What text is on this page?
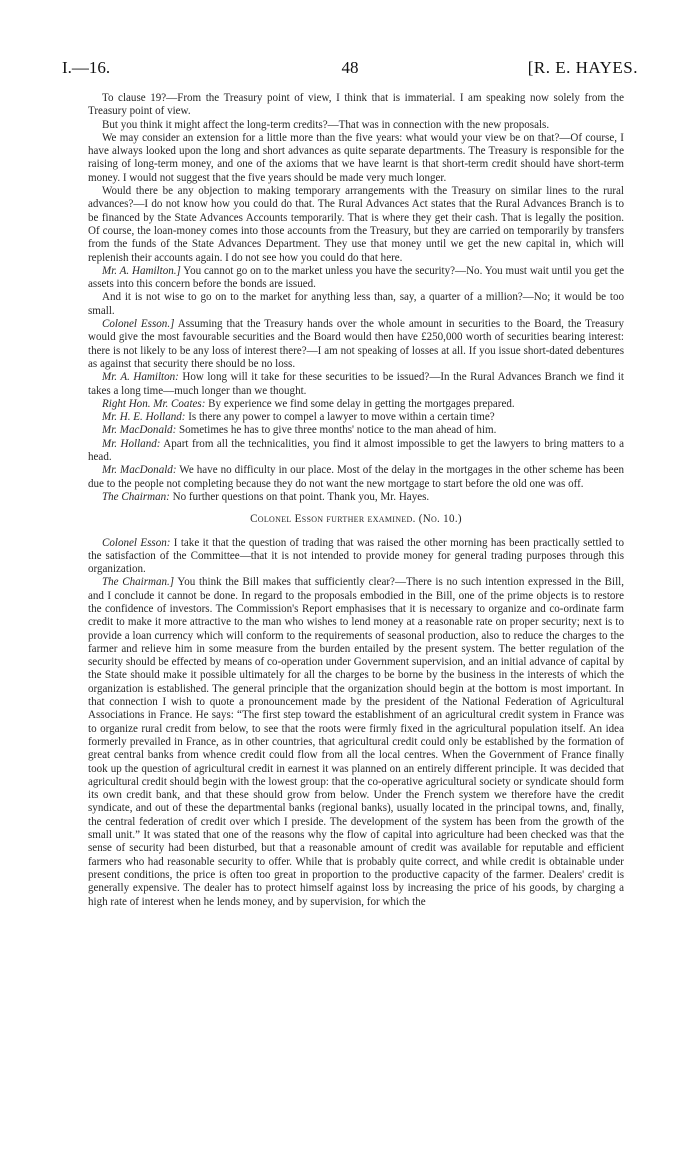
I.—16.	48	[R. E. HAYES.

To clause 19?—From the Treasury point of view, I think that is immaterial. I am speaking now solely from the Treasury point of view.

But you think it might affect the long-term credits?—That was in connection with the new proposals.

We may consider an extension for a little more than the five years: what would your view be on that?—Of course, I have always looked upon the long and short advances as quite separate departments. The Treasury is responsible for the raising of long-term money, and one of the axioms that we have learnt is that short-term credit should have short-term money. I would not suggest that the five years should be made very much longer.

Would there be any objection to making temporary arrangements with the Treasury on similar lines to the rural advances?—I do not know how you could do that. The Rural Advances Act states that the Rural Advances Branch is to be financed by the State Advances Accounts temporarily. That is where they get their cash. That is legally the position. Of course, the loan-money comes into those accounts from the Treasury, but they are carried on temporarily by transfers from the funds of the State Advances Department. They use that money until we get the new capital in, which will replenish their accounts again. I do not see how you could do that here.

Mr. A. Hamilton.] You cannot go on to the market unless you have the security?—No. You must wait until you get the assets into this concern before the bonds are issued.

And it is not wise to go on to the market for anything less than, say, a quarter of a million?—No; it would be too small.

Colonel Esson.] Assuming that the Treasury hands over the whole amount in securities to the Board, the Treasury would give the most favourable securities and the Board would then have £250,000 worth of securities bearing interest: there is not likely to be any loss of interest there?—I am not speaking of losses at all. If you issue short-dated debentures as against that security there should be no loss.

Mr. A. Hamilton: How long will it take for these securities to be issued?—In the Rural Advances Branch we find it takes a long time—much longer than we thought.

Right Hon. Mr. Coates: By experience we find some delay in getting the mortgages prepared.

Mr. H. E. Holland: Is there any power to compel a lawyer to move within a certain time?

Mr. MacDonald: Sometimes he has to give three months' notice to the man ahead of him.

Mr. Holland: Apart from all the technicalities, you find it almost impossible to get the lawyers to bring matters to a head.

Mr. MacDonald: We have no difficulty in our place. Most of the delay in the mortgages in the other scheme has been due to the people not completing because they do not want the new mortgage to start before the old one was off.

The Chairman: No further questions on that point. Thank you, Mr. Hayes.

Colonel Esson further examined. (No. 10.)

Colonel Esson: I take it that the question of trading that was raised the other morning has been practically settled to the satisfaction of the Committee—that it is not intended to provide money for general trading purposes through this organization.

The Chairman.] You think the Bill makes that sufficiently clear?—There is no such intention expressed in the Bill, and I conclude it cannot be done. In regard to the proposals embodied in the Bill, one of the prime objects is to restore the confidence of investors. The Commission's Report emphasises that it is necessary to organize and co-ordinate farm credit to make it more attractive to the man who wishes to lend money at a reasonable rate on proper security; next is to provide a loan currency which will conform to the requirements of seasonal production, also to reduce the charges to the farmer and relieve him in some measure from the burden entailed by the present system. The better regulation of the security should be effected by means of co-operation under Government supervision, and an initial advance of capital by the State should make it possible ultimately for all the charges to be borne by the business in the interests of which the organization is established. The general principle that the organization should begin at the bottom is most important. In that connection I wish to quote a pronouncement made by the president of the National Federation of Agricultural Associations in France. He says: “The first step toward the establishment of an agricultural credit system in France was to organize rural credit from below, to see that the roots were firmly fixed in the agricultural population itself. An idea formerly prevailed in France, as in other countries, that agricultural credit could only be established by the formation of great central banks from whence credit could flow from all the local centres. When the Government of France finally took up the question of agricultural credit in earnest it was planned on an entirely different principle. It was decided that agricultural credit should begin with the lowest group: that the co-operative agricultural society or syndicate should form its own credit bank, and that these should grow from below. Under the French system we therefore have the credit syndicate, and out of these the departmental banks (regional banks), usually located in the principal towns, and, finally, the central federation of credit over which I preside. The development of the system has been from the growth of the small unit.” It was stated that one of the reasons why the flow of capital into agriculture had been checked was that the sense of security had been disturbed, but that a reasonable amount of credit was available for reputable and efficient farmers who had reasonable security to offer. While that is probably quite correct, and while credit is obtainable under present conditions, the price is often too great in proportion to the productive capacity of the farmer. Dealers' credit is generally expensive. The dealer has to protect himself against loss by increasing the price of his goods, by charging a high rate of interest when he lends money, and by supervision, for which the
